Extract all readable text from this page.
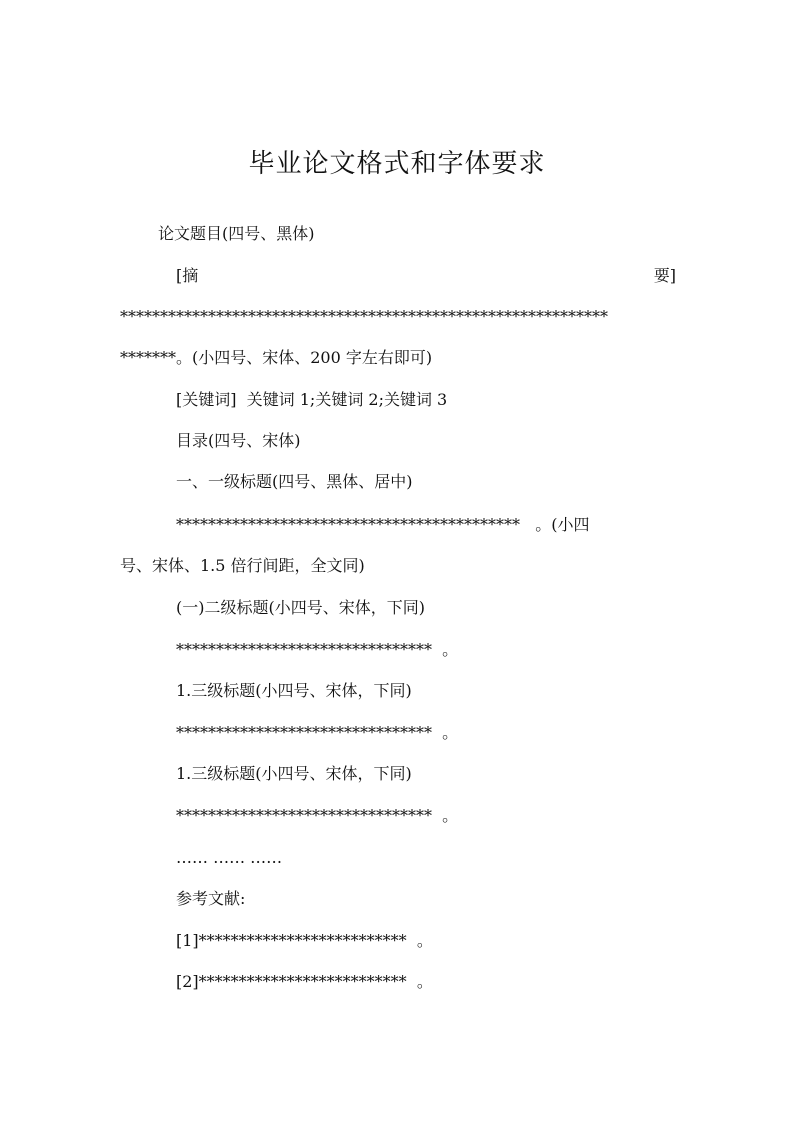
毕业论文格式和字体要求
论文题目(四号、黑体)
[摘	要]
*************************************************************
*******。(小四号、宋体、200 字左右即可)
[关键词]  关键词 1;关键词 2;关键词 3
目录(四号、宋体)
一、一级标题(四号、黑体、居中)
*******************************************   。(小四
号、宋体、1.5 倍行间距，全文同)
(一)二级标题(小四号、宋体，下同)
********************************  。
1.三级标题(小四号、宋体，下同)
********************************  。
1.三级标题(小四号、宋体，下同)
********************************  。
…… …… ……
参考文献:
[1]**************************  。
[2]**************************  。
